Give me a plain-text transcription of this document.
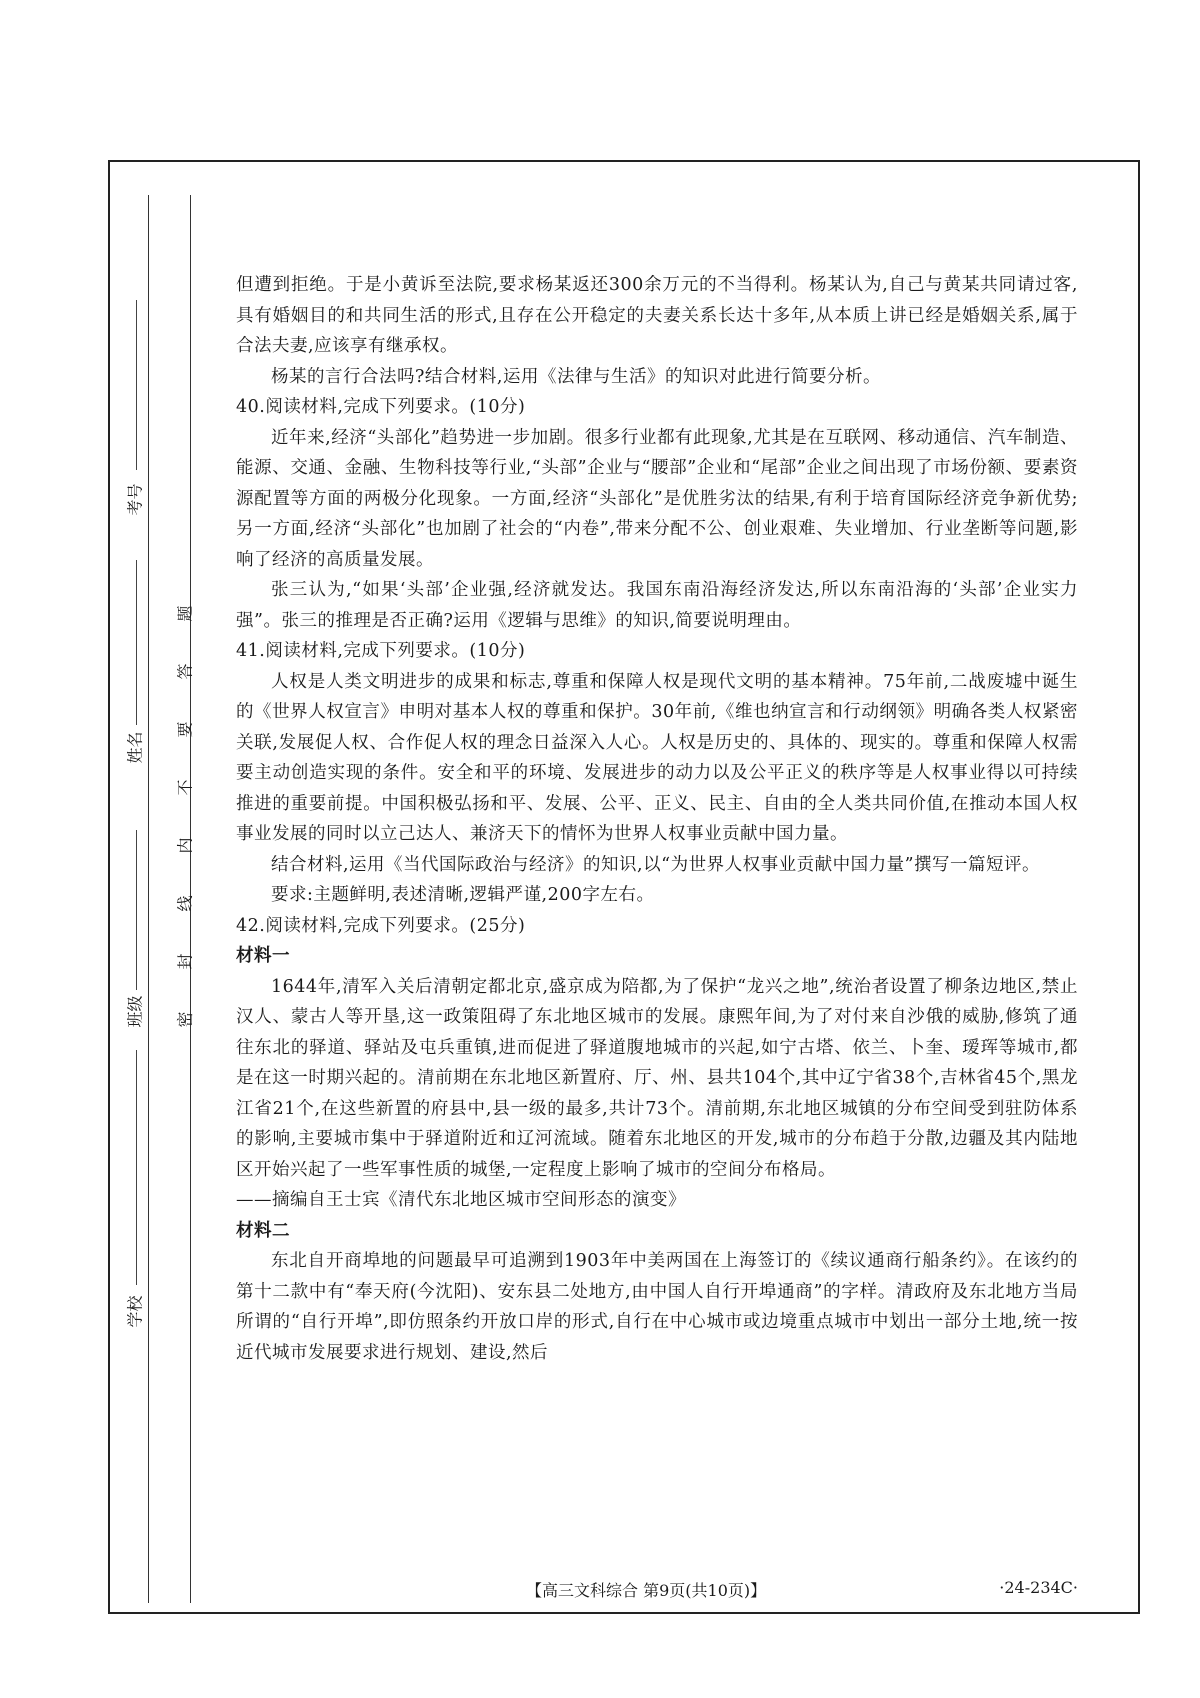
考号
姓名
班级
学校
题
答
要
不
内
线
封
密

但遭到拒绝。于是小黄诉至法院,要求杨某返还300余万元的不当得利。杨某认为,自己与黄某共同请过客,具有婚姻目的和共同生活的形式,且存在公开稳定的夫妻关系长达十多年,从本质上讲已经是婚姻关系,属于合法夫妻,应该享有继承权。

杨某的言行合法吗?结合材料,运用《法律与生活》的知识对此进行简要分析。

40.阅读材料,完成下列要求。(10分)

近年来,经济“头部化”趋势进一步加剧。很多行业都有此现象,尤其是在互联网、移动通信、汽车制造、能源、交通、金融、生物科技等行业,“头部”企业与“腰部”企业和“尾部”企业之间出现了市场份额、要素资源配置等方面的两极分化现象。一方面,经济“头部化”是优胜劣汰的结果,有利于培育国际经济竞争新优势;另一方面,经济“头部化”也加剧了社会的“内卷”,带来分配不公、创业艰难、失业增加、行业垄断等问题,影响了经济的高质量发展。

张三认为,“如果‘头部’企业强,经济就发达。我国东南沿海经济发达,所以东南沿海的‘头部’企业实力强”。张三的推理是否正确?运用《逻辑与思维》的知识,简要说明理由。

41.阅读材料,完成下列要求。(10分)

人权是人类文明进步的成果和标志,尊重和保障人权是现代文明的基本精神。75年前,二战废墟中诞生的《世界人权宣言》申明对基本人权的尊重和保护。30年前,《维也纳宣言和行动纲领》明确各类人权紧密关联,发展促人权、合作促人权的理念日益深入人心。人权是历史的、具体的、现实的。尊重和保障人权需要主动创造实现的条件。安全和平的环境、发展进步的动力以及公平正义的秩序等是人权事业得以可持续推进的重要前提。中国积极弘扬和平、发展、公平、正义、民主、自由的全人类共同价值,在推动本国人权事业发展的同时以立己达人、兼济天下的情怀为世界人权事业贡献中国力量。

结合材料,运用《当代国际政治与经济》的知识,以“为世界人权事业贡献中国力量”撰写一篇短评。

要求:主题鲜明,表述清晰,逻辑严谨,200字左右。

42.阅读材料,完成下列要求。(25分)

材料一

1644年,清军入关后清朝定都北京,盛京成为陪都,为了保护“龙兴之地”,统治者设置了柳条边地区,禁止汉人、蒙古人等开垦,这一政策阻碍了东北地区城市的发展。康熙年间,为了对付来自沙俄的威胁,修筑了通往东北的驿道、驿站及屯兵重镇,进而促进了驿道腹地城市的兴起,如宁古塔、依兰、卜奎、瑷珲等城市,都是在这一时期兴起的。清前期在东北地区新置府、厅、州、县共104个,其中辽宁省38个,吉林省45个,黑龙江省21个,在这些新置的府县中,县一级的最多,共计73个。清前期,东北地区城镇的分布空间受到驻防体系的影响,主要城市集中于驿道附近和辽河流域。随着东北地区的开发,城市的分布趋于分散,边疆及其内陆地区开始兴起了一些军事性质的城堡,一定程度上影响了城市的空间分布格局。

——摘编自王士宾《清代东北地区城市空间形态的演变》

材料二

东北自开商埠地的问题最早可追溯到1903年中美两国在上海签订的《续议通商行船条约》。在该约的第十二款中有“奉天府(今沈阳)、安东县二处地方,由中国人自行开埠通商”的字样。清政府及东北地方当局所谓的“自行开埠”,即仿照条约开放口岸的形式,自行在中心城市或边境重点城市中划出一部分土地,统一按近代城市发展要求进行规划、建设,然后

【高三文科综合 第9页(共10页)】	·24-234C·
